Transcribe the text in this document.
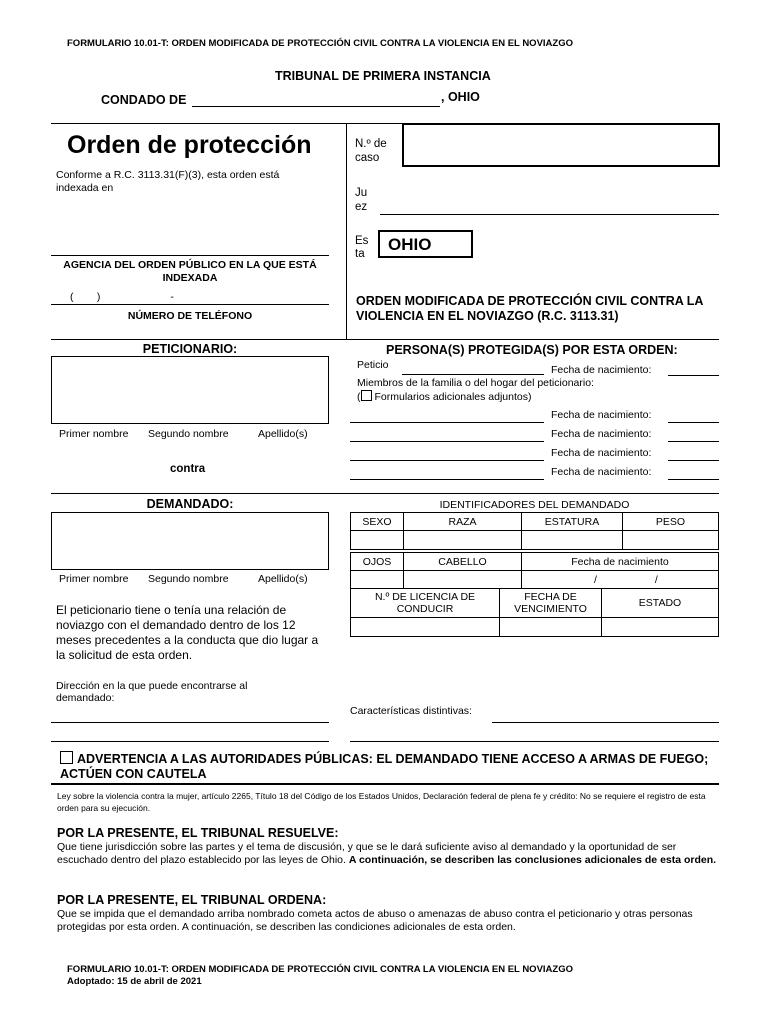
FORMULARIO 10.01-T: ORDEN MODIFICADA DE PROTECCIÓN CIVIL CONTRA LA VIOLENCIA EN EL NOVIAZGO
TRIBUNAL DE PRIMERA INSTANCIA
CONDADO DE	, OHIO
Orden de protección
Conforme a R.C. 3113.31(F)(3), esta orden está indexada en
AGENCIA DEL ORDEN PÚBLICO EN LA QUE ESTÁ INDEXADA
(        )                        -
NÚMERO DE TELÉFONO
N.º de caso
Ju ez
Es ta	OHIO
ORDEN MODIFICADA DE PROTECCIÓN CIVIL CONTRA LA VIOLENCIA EN EL NOVIAZGO (R.C. 3113.31)
PETICIONARIO:
Primer nombre Segundo nombre	Apellido(s)
contra
PERSONA(S) PROTEGIDA(S) POR ESTA ORDEN:
Peticio	Fecha de nacimiento:
Miembros de la familia o del hogar del peticionario:
( Formularios adicionales adjuntos)
Fecha de nacimiento:
Fecha de nacimiento:
Fecha de nacimiento:
Fecha de nacimiento:
DEMANDADO:
Primer nombre Segundo nombre	Apellido(s)
El peticionario tiene o tenía una relación de noviazgo con el demandado dentro de los 12 meses precedentes a la conducta que dio lugar a la solicitud de esta orden.
Dirección en la que puede encontrarse al demandado:
IDENTIFICADORES DEL DEMANDADO
SEXO	RAZA	ESTATURA	PESO

OJOS	CABELLO	Fecha de nacimiento
		/ /
N.º DE LICENCIA DE CONDUCIR	FECHA DE VENCIMIENTO	ESTADO

Características distintivas:
ADVERTENCIA A LAS AUTORIDADES PÚBLICAS: EL DEMANDADO TIENE ACCESO A ARMAS DE FUEGO; ACTÚEN CON CAUTELA
Ley sobre la violencia contra la mujer, artículo 2265, Título 18 del Código de los Estados Unidos, Declaración federal de plena fe y crédito: No se requiere el registro de esta orden para su ejecución.
POR LA PRESENTE, EL TRIBUNAL RESUELVE:
Que tiene jurisdicción sobre las partes y el tema de discusión, y que se le dará suficiente aviso al demandado y la oportunidad de ser escuchado dentro del plazo establecido por las leyes de Ohio. A continuación, se describen las conclusiones adicionales de esta orden.
POR LA PRESENTE, EL TRIBUNAL ORDENA:
Que se impida que el demandado arriba nombrado cometa actos de abuso o amenazas de abuso contra el peticionario y otras personas protegidas por esta orden. A continuación, se describen las condiciones adicionales de esta orden.
FORMULARIO 10.01-T: ORDEN MODIFICADA DE PROTECCIÓN CIVIL CONTRA LA VIOLENCIA EN EL NOVIAZGO
Adoptado: 15 de abril de 2021
